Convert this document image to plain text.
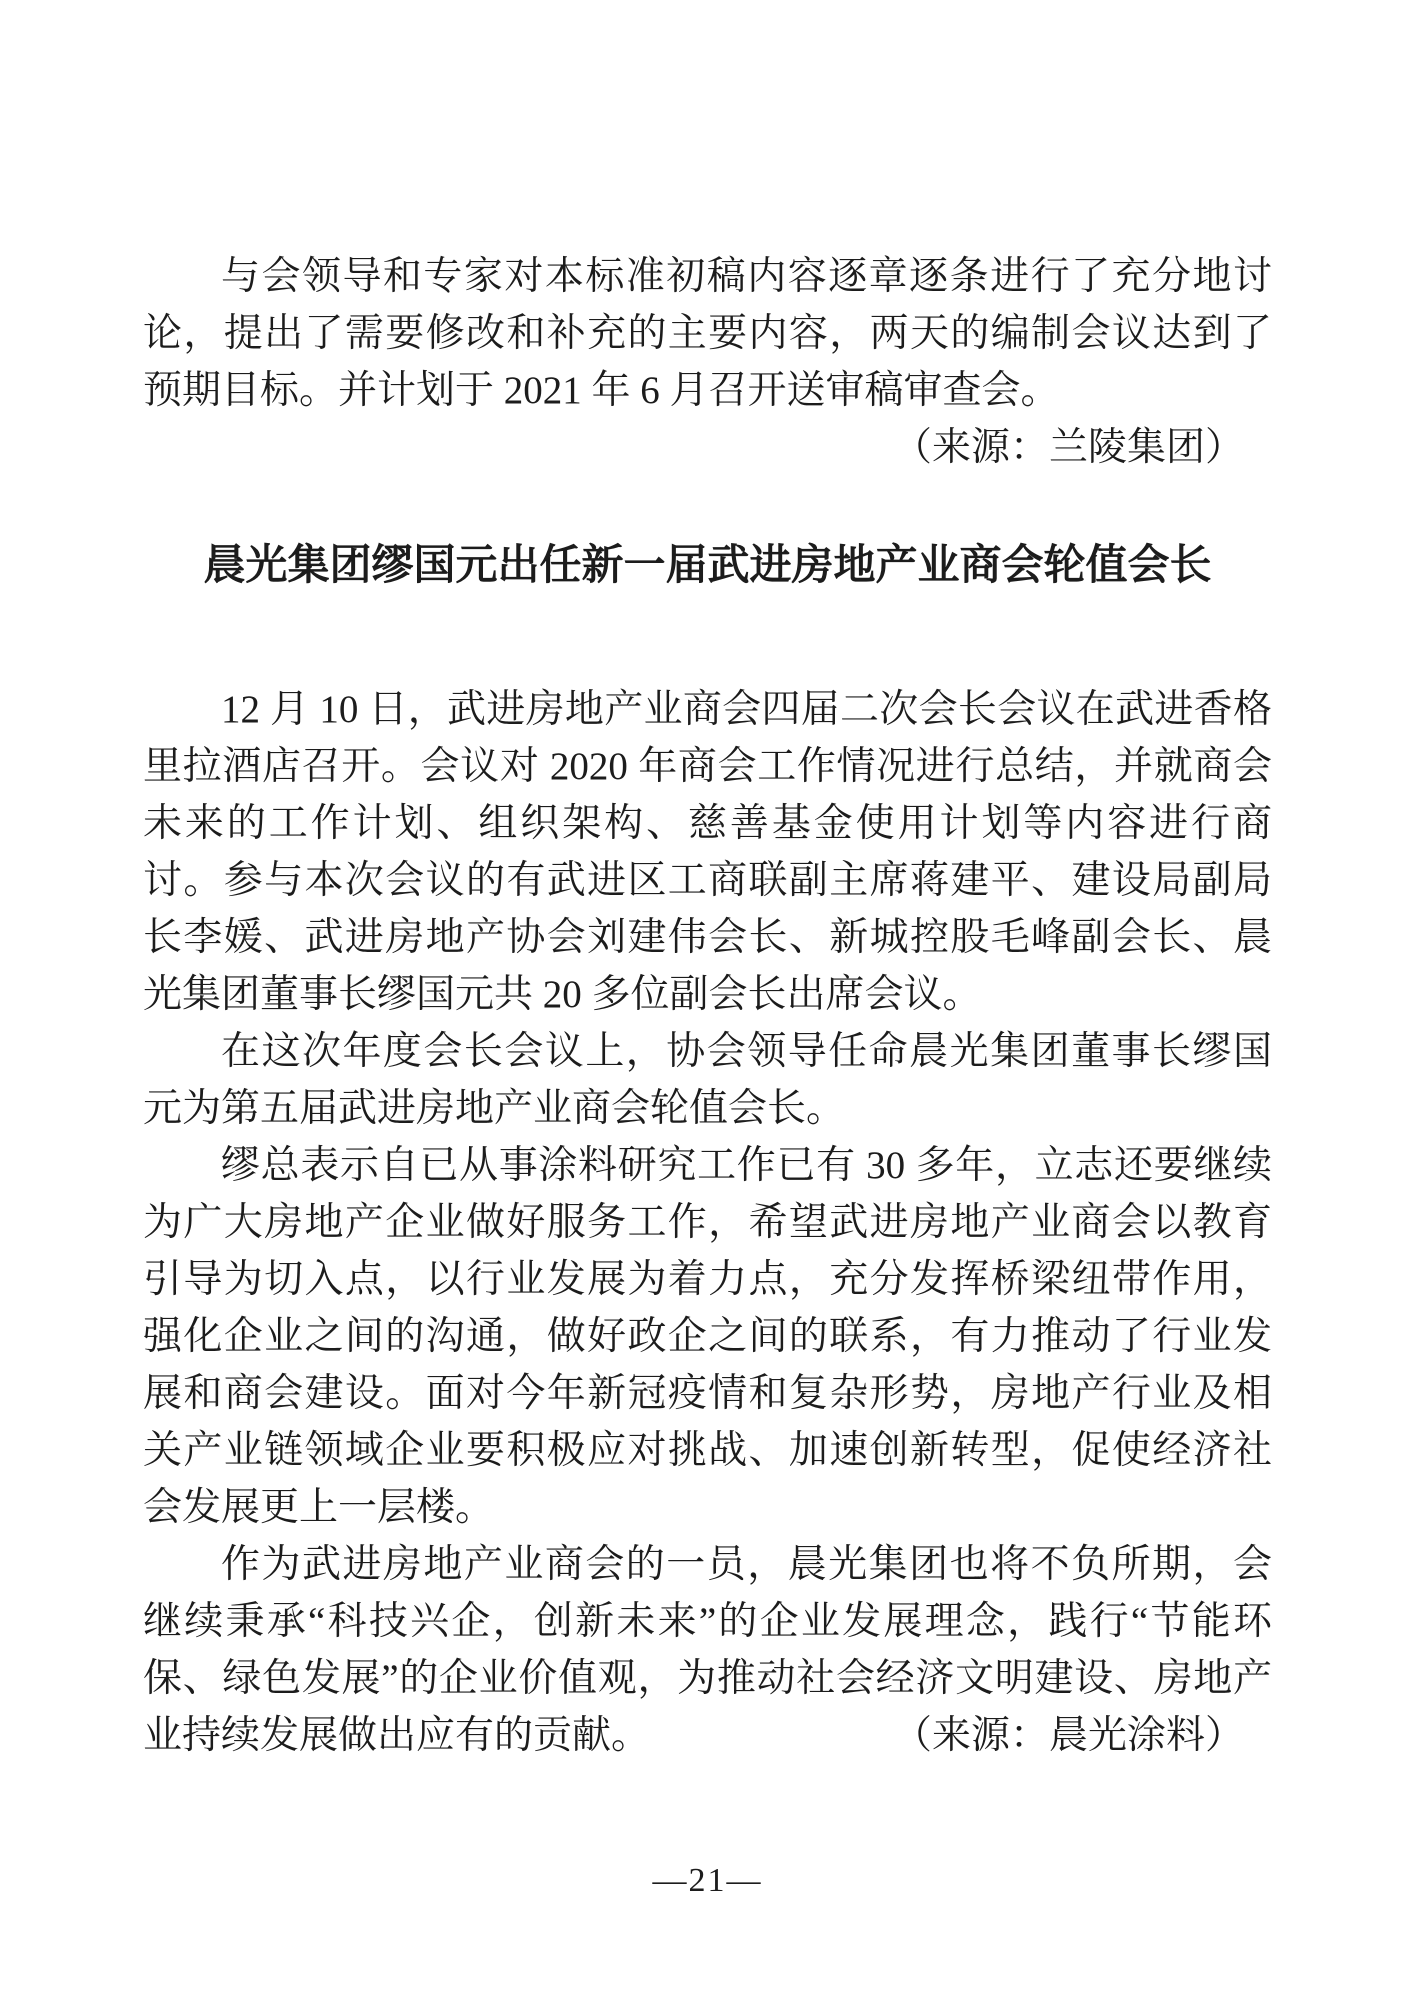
与会领导和专家对本标准初稿内容逐章逐条进行了充分地讨论，提出了需要修改和补充的主要内容，两天的编制会议达到了预期目标。并计划于 2021 年 6 月召开送审稿审查会。

（来源：兰陵集团）
晨光集团缪国元出任新一届武进房地产业商会轮值会长

12 月 10 日，武进房地产业商会四届二次会长会议在武进香格里拉酒店召开。会议对 2020 年商会工作情况进行总结，并就商会未来的工作计划、组织架构、慈善基金使用计划等内容进行商讨。参与本次会议的有武进区工商联副主席蒋建平、建设局副局长李媛、武进房地产协会刘建伟会长、新城控股毛峰副会长、晨光集团董事长缪国元共 20 多位副会长出席会议。

在这次年度会长会议上，协会领导任命晨光集团董事长缪国元为第五届武进房地产业商会轮值会长。

缪总表示自已从事涂料研究工作已有 30 多年，立志还要继续为广大房地产企业做好服务工作，希望武进房地产业商会以教育引导为切入点，以行业发展为着力点，充分发挥桥梁纽带作用，强化企业之间的沟通，做好政企之间的联系，有力推动了行业发展和商会建设。面对今年新冠疫情和复杂形势，房地产行业及相关产业链领域企业要积极应对挑战、加速创新转型，促使经济社会发展更上一层楼。

作为武进房地产业商会的一员，晨光集团也将不负所期，会继续秉承“科技兴企，创新未来”的企业发展理念，践行“节能环保、绿色发展”的企业价值观，为推动社会经济文明建设、房地产业持续发展做出应有的贡献。	（来源：晨光涂料）
—21—
